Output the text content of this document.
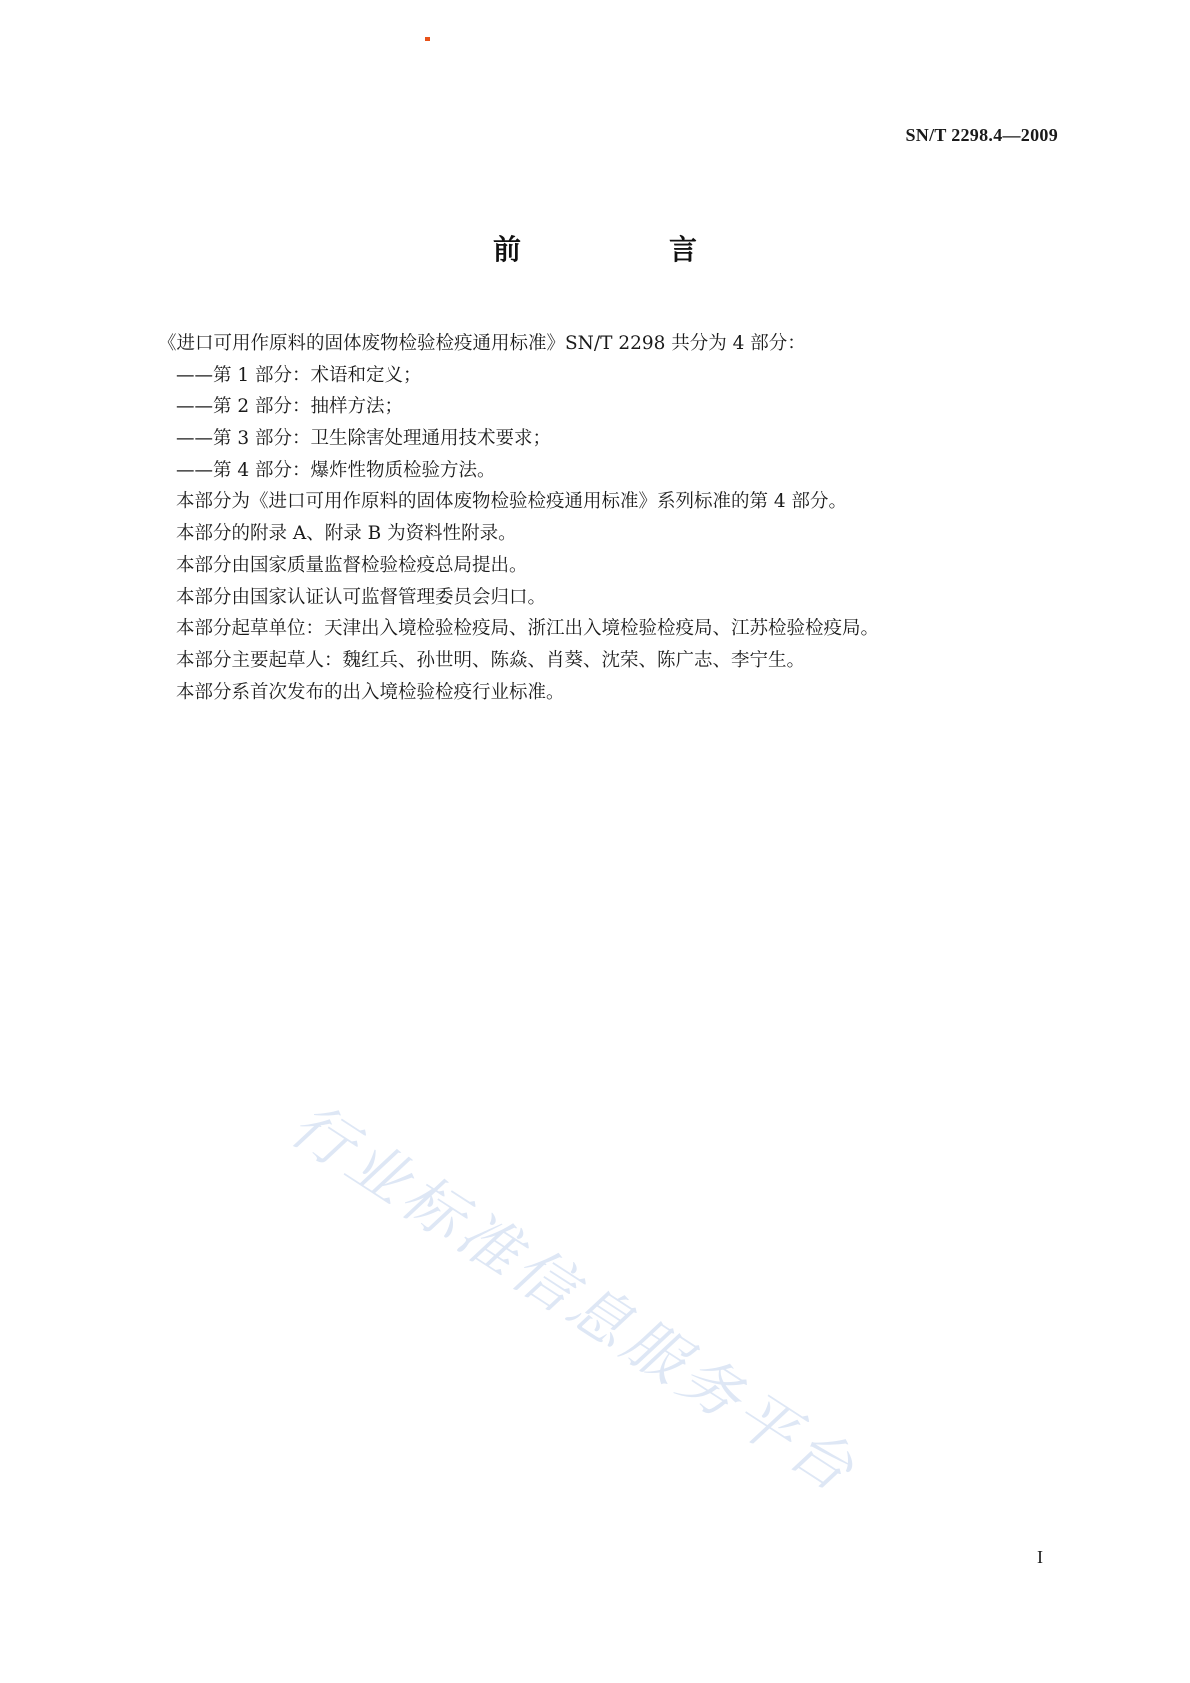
SN/T 2298.4—2009
前　言
《进口可用作原料的固体废物检验检疫通用标准》SN/T 2298 共分为 4 部分：
——第 1 部分：术语和定义；
——第 2 部分：抽样方法；
——第 3 部分：卫生除害处理通用技术要求；
——第 4 部分：爆炸性物质检验方法。
本部分为《进口可用作原料的固体废物检验检疫通用标准》系列标准的第 4 部分。
本部分的附录 A、附录 B 为资料性附录。
本部分由国家质量监督检验检疫总局提出。
本部分由国家认证认可监督管理委员会归口。
本部分起草单位：天津出入境检验检疫局、浙江出入境检验检疫局、江苏检验检疫局。
本部分主要起草人：魏红兵、孙世明、陈焱、肖葵、沈荣、陈广志、李宁生。
本部分系首次发布的出入境检验检疫行业标准。
行业标准信息服务平台
I
